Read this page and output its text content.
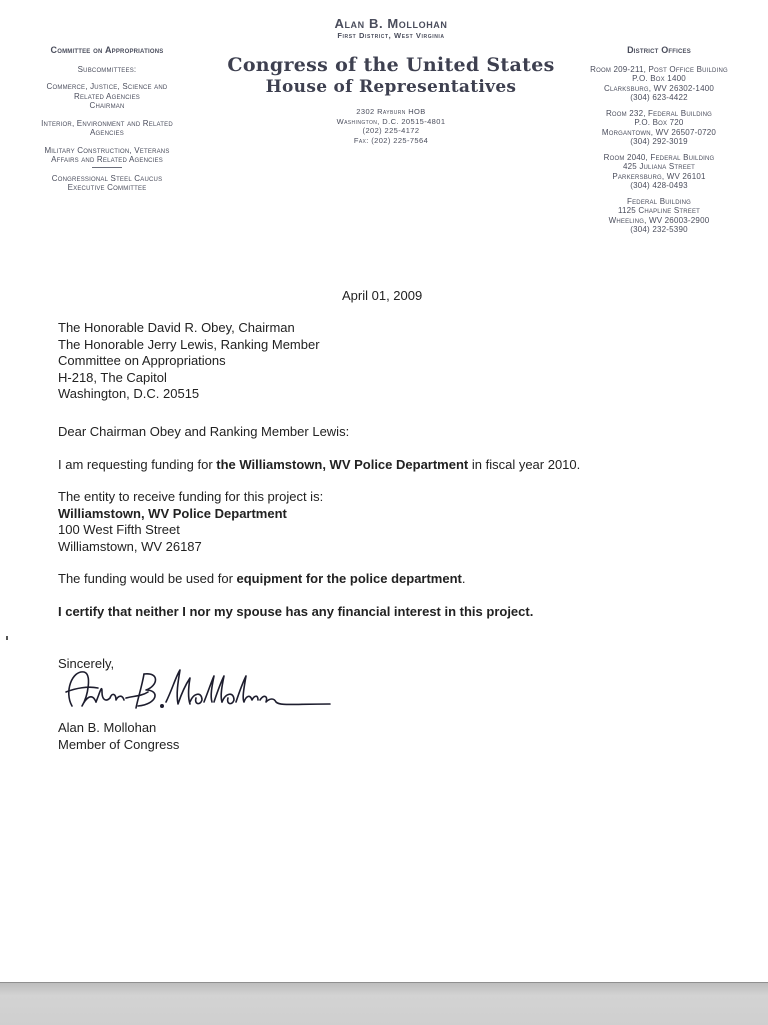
Committee on Appropriations
Subcommittees:
Commerce, Justice, Science and
Related Agencies
Chairman
Interior, Environment and Related
Agencies
Military Construction, Veterans
Affairs and Related Agencies
Congressional Steel Caucus
Executive Committee
Alan B. Mollohan
First District, West Virginia
Congress of the United States
House of Representatives
2302 Rayburn HOB
Washington, D.C. 20515-4801
(202) 225-4172
Fax: (202) 225-7564
District Offices
Room 209-211, Post Office Building
P.O. Box 1400
Clarksburg, WV 26302-1400
(304) 623-4422
Room 232, Federal Building
P.O. Box 720
Morgantown, WV 26507-0720
(304) 292-3019
Room 2040, Federal Building
425 Juliana Street
Parkersburg, WV 26101
(304) 428-0493
Federal Building
1125 Chapline Street
Wheeling, WV 26003-2900
(304) 232-5390
April 01, 2009
The Honorable David R. Obey, Chairman
The Honorable Jerry Lewis, Ranking Member
Committee on Appropriations
H-218, The Capitol
Washington, D.C. 20515
Dear Chairman Obey and Ranking Member Lewis:
I am requesting funding for the Williamstown, WV Police Department in fiscal year 2010.
The entity to receive funding for this project is:
Williamstown, WV Police Department
100 West Fifth Street
Williamstown, WV 26187
The funding would be used for equipment for the police department.
I certify that neither I nor my spouse has any financial interest in this project.
Sincerely,
Alan B. Mollohan
Member of Congress
